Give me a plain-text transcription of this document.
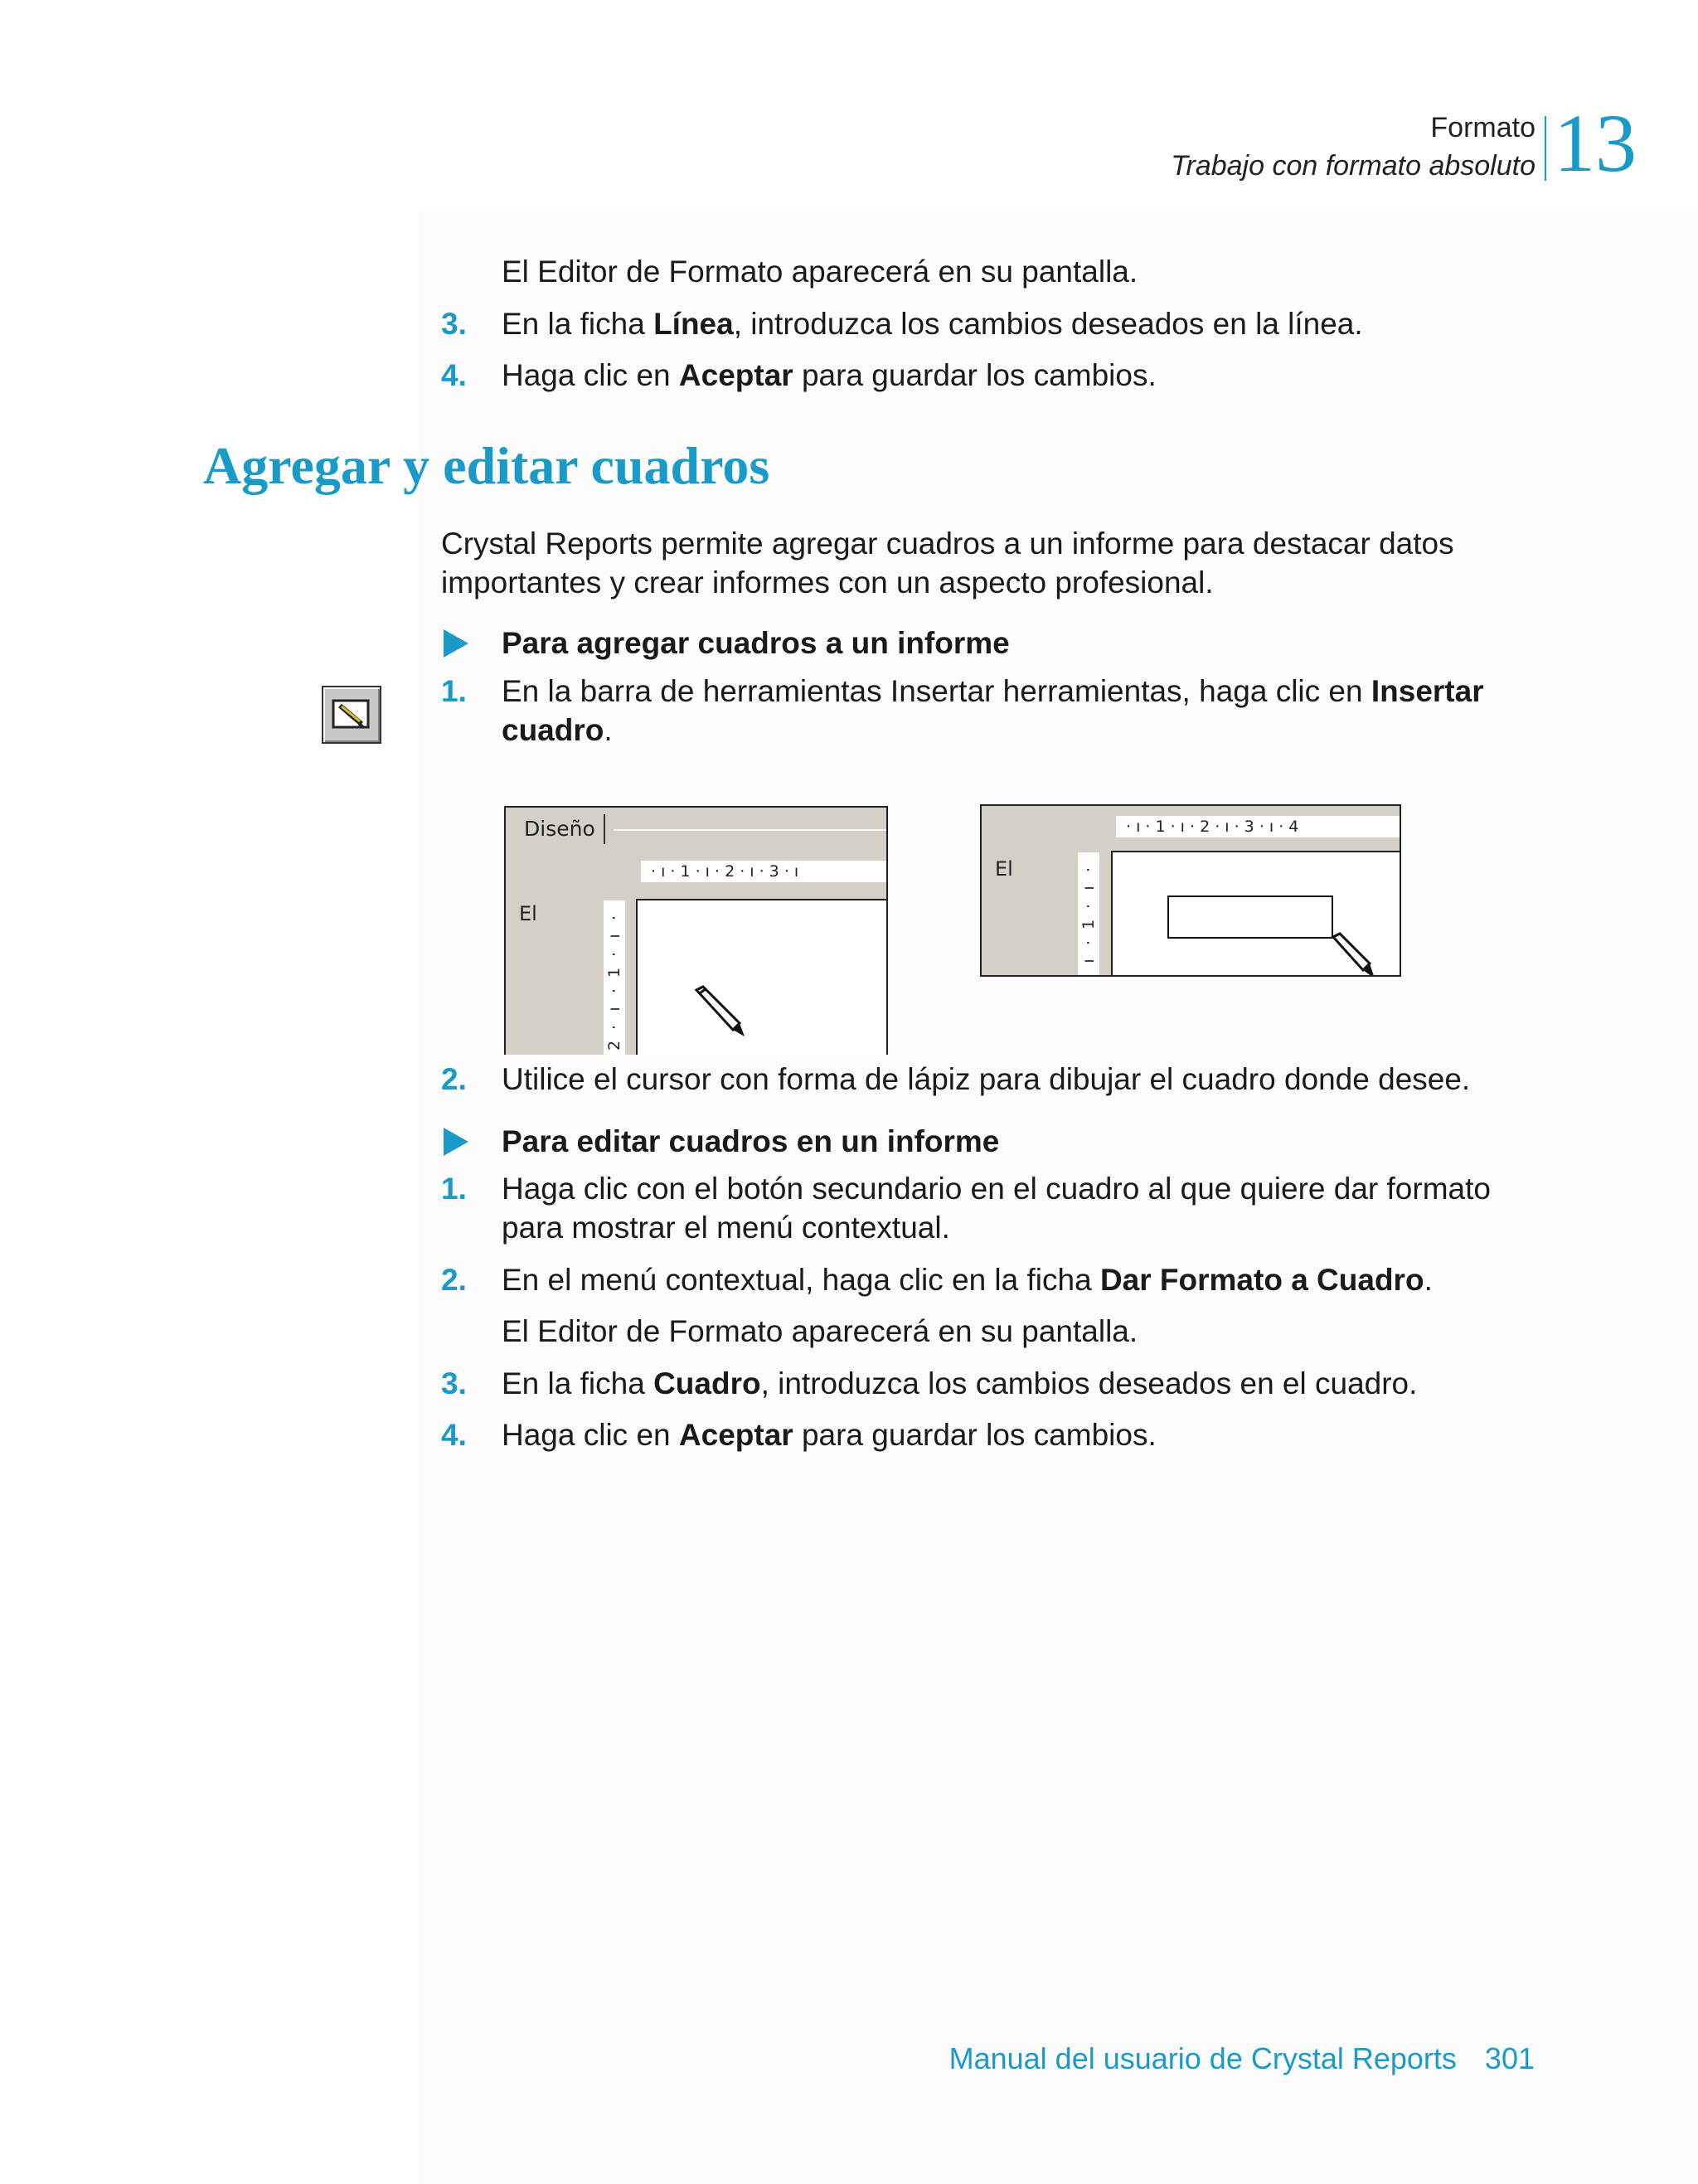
Formato
Trabajo con formato absoluto 13
El Editor de Formato aparecerá en su pantalla.
3. En la ficha Línea, introduzca los cambios deseados en la línea.
4. Haga clic en Aceptar para guardar los cambios.
Agregar y editar cuadros
Crystal Reports permite agregar cuadros a un informe para destacar datos
importantes y crear informes con un aspecto profesional.
Para agregar cuadros a un informe
1. En la barra de herramientas Insertar herramientas, haga clic en Insertar
cuadro.
Diseño
· ı · 1 · ı · 2 · ı · 3 · ı
El	·
ı
·
1
·
ı
·
2
· ı · 1 · ı · 2 · ı · 3 · ı · 4
El	·
ı
·
1
·
ı
2. Utilice el cursor con forma de lápiz para dibujar el cuadro donde desee.
Para editar cuadros en un informe
1. Haga clic con el botón secundario en el cuadro al que quiere dar formato
para mostrar el menú contextual.
2. En el menú contextual, haga clic en la ficha Dar Formato a Cuadro.
El Editor de Formato aparecerá en su pantalla.
3. En la ficha Cuadro, introduzca los cambios deseados en el cuadro.
4. Haga clic en Aceptar para guardar los cambios.
Manual del usuario de Crystal Reports 301
